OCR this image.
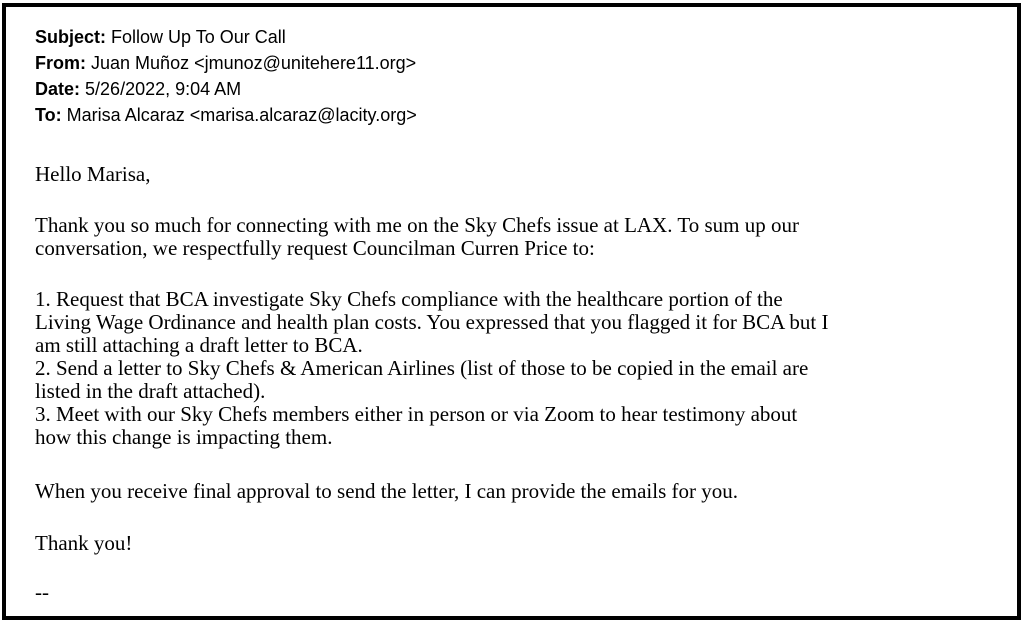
Subject: Follow Up To Our Call
From: Juan Muñoz <jmunoz@unitehere11.org>
Date: 5/26/2022, 9:04 AM
To: Marisa Alcaraz <marisa.alcaraz@lacity.org>

Hello Marisa,

Thank you so much for connecting with me on the Sky Chefs issue at LAX. To sum up our

conversation, we respectfully request Councilman Curren Price to:

1. Request that BCA investigate Sky Chefs compliance with the healthcare portion of the

Living Wage Ordinance and health plan costs. You expressed that you flagged it for BCA but I

am still attaching a draft letter to BCA.

2. Send a letter to Sky Chefs & American Airlines (list of those to be copied in the email are

listed in the draft attached).

3. Meet with our Sky Chefs members either in person or via Zoom to hear testimony about

how this change is impacting them.

When you receive final approval to send the letter, I can provide the emails for you.

Thank you!

--
